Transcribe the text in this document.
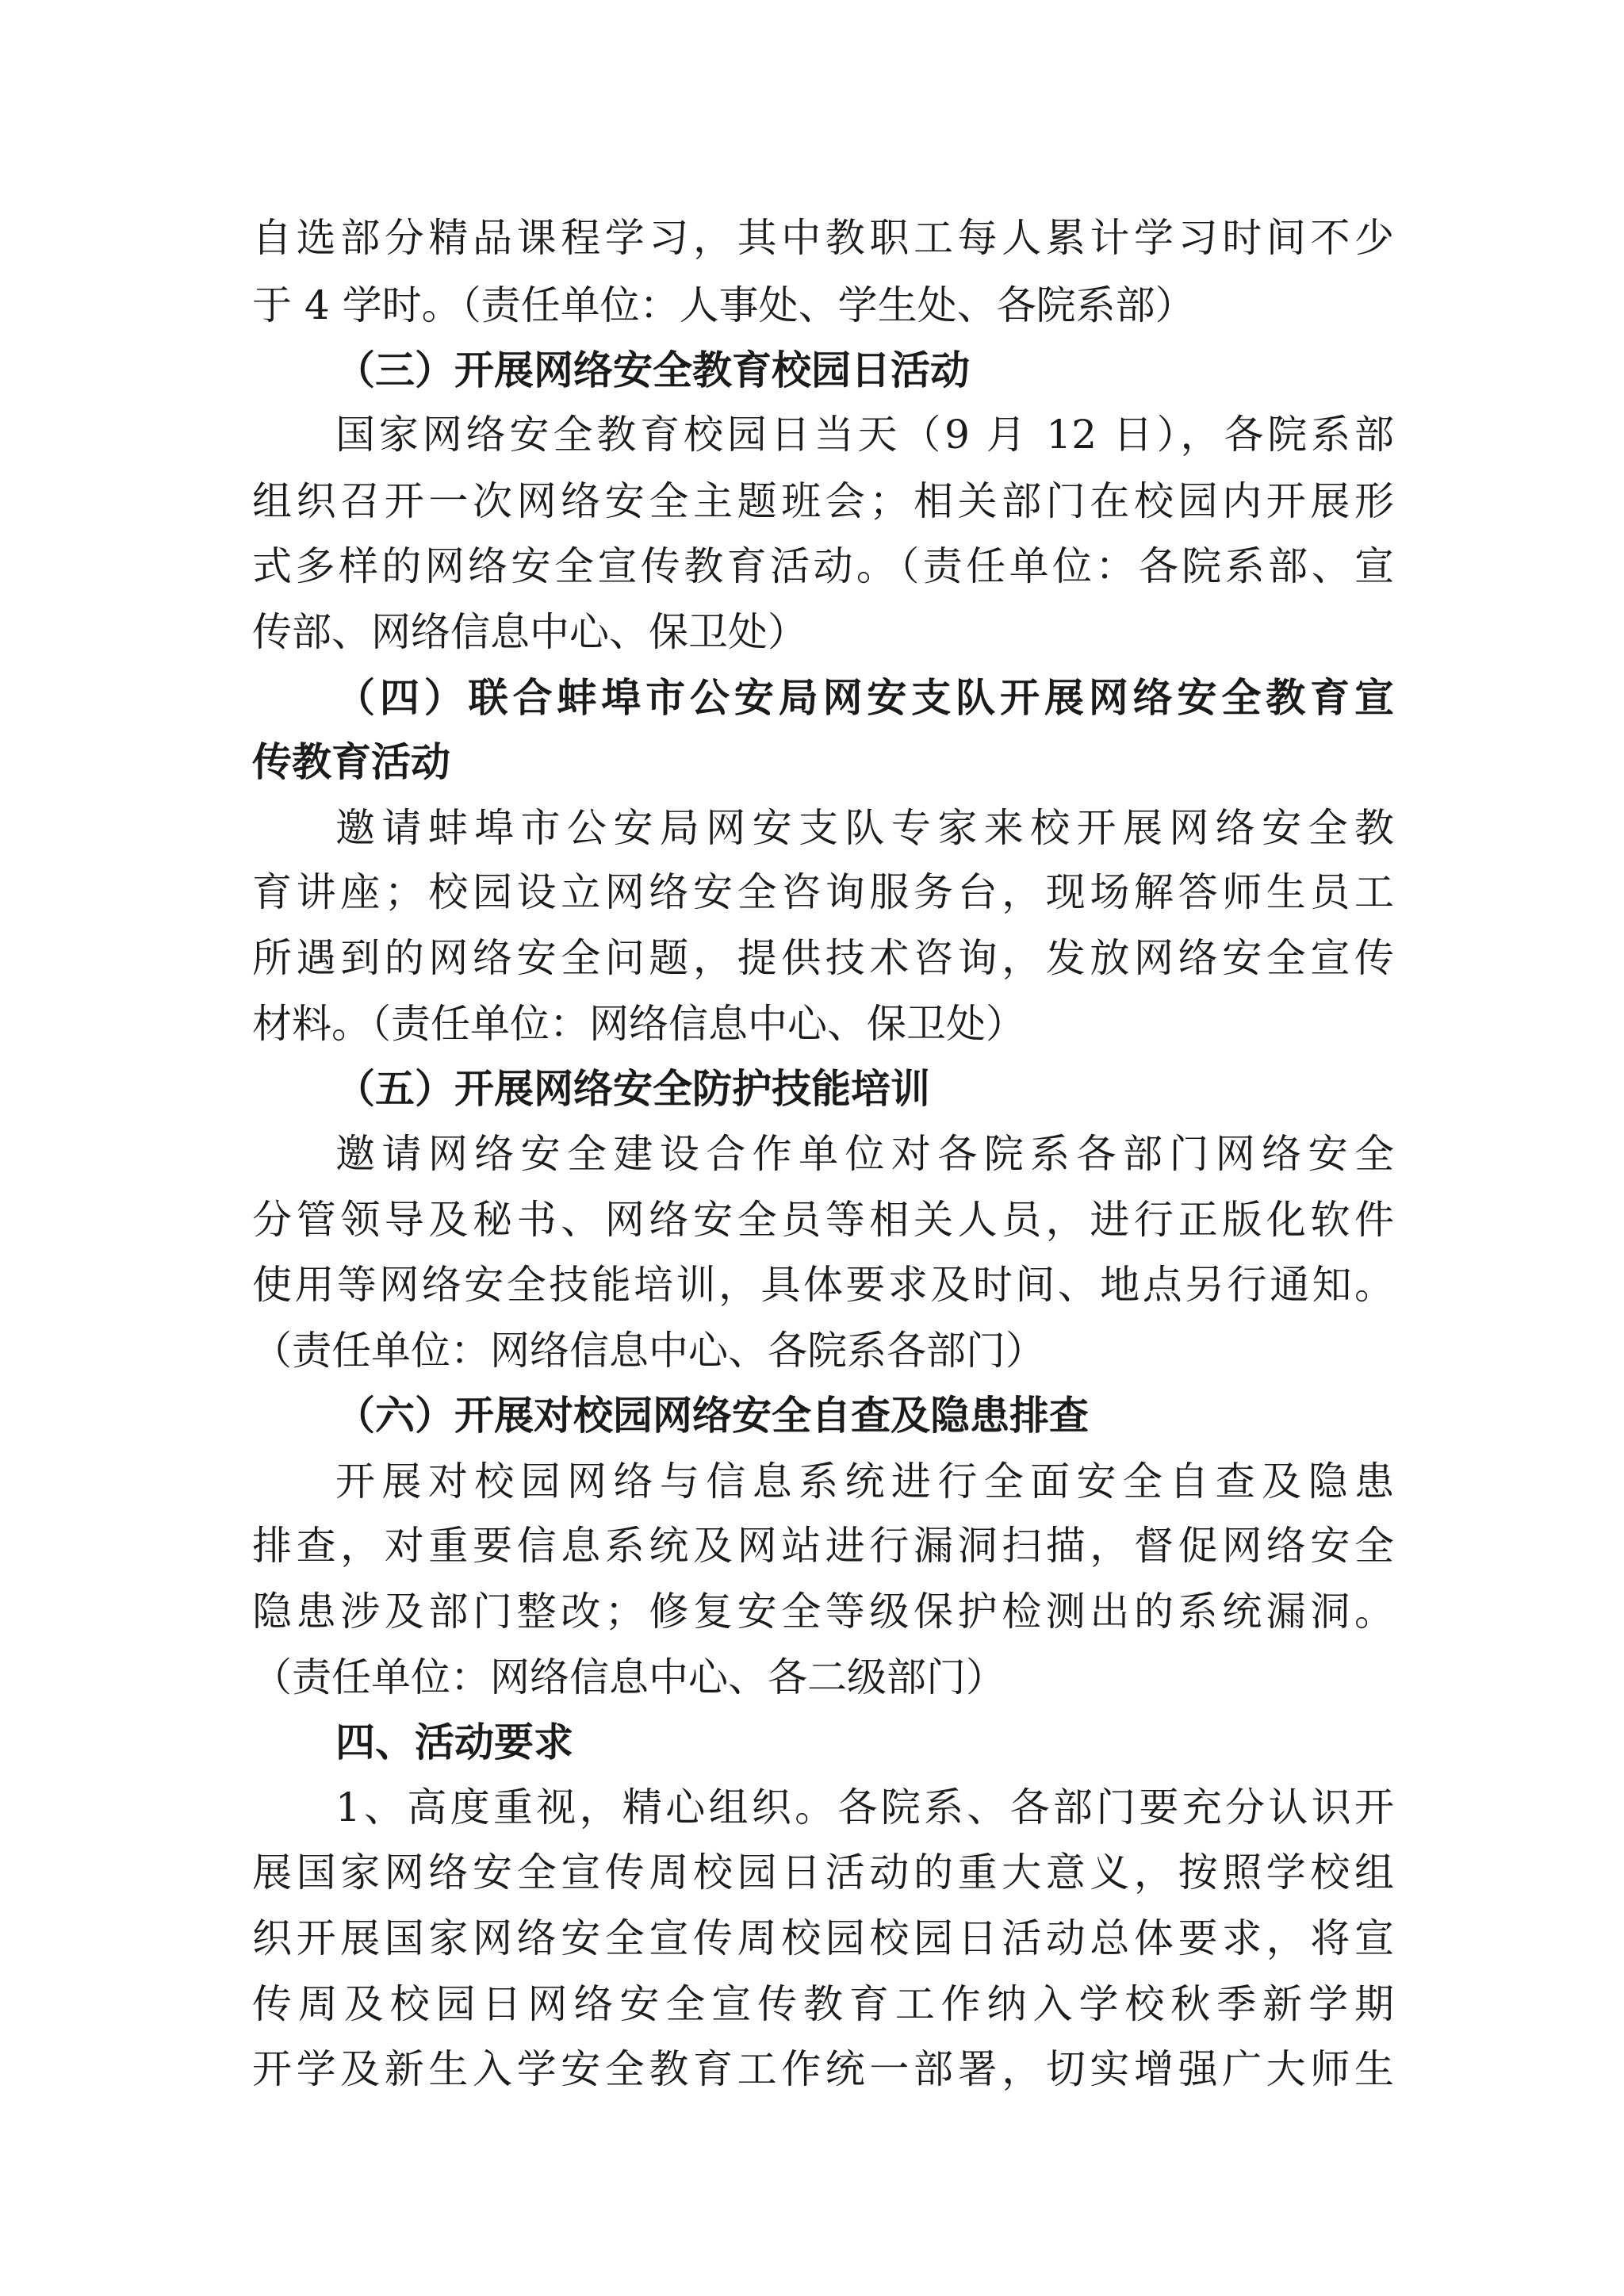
自选部分精品课程学习，其中教职工每人累计学习时间不少
于 4 学时。（责任单位：人事处、学生处、各院系部）
（三）开展网络安全教育校园日活动
国家网络安全教育校园日当天（9 月 12 日），各院系部
组织召开一次网络安全主题班会；相关部门在校园内开展形
式多样的网络安全宣传教育活动。（责任单位：各院系部、宣
传部、网络信息中心、保卫处）
（四）联合蚌埠市公安局网安支队开展网络安全教育宣
传教育活动
邀请蚌埠市公安局网安支队专家来校开展网络安全教
育讲座；校园设立网络安全咨询服务台，现场解答师生员工
所遇到的网络安全问题，提供技术咨询，发放网络安全宣传
材料。（责任单位：网络信息中心、保卫处）
（五）开展网络安全防护技能培训
邀请网络安全建设合作单位对各院系各部门网络安全
分管领导及秘书、网络安全员等相关人员，进行正版化软件
使用等网络安全技能培训，具体要求及时间、地点另行通知。
（责任单位：网络信息中心、各院系各部门）
（六）开展对校园网络安全自查及隐患排查
开展对校园网络与信息系统进行全面安全自查及隐患
排查，对重要信息系统及网站进行漏洞扫描，督促网络安全
隐患涉及部门整改；修复安全等级保护检测出的系统漏洞。
（责任单位：网络信息中心、各二级部门）
四、活动要求
1、高度重视，精心组织。各院系、各部门要充分认识开
展国家网络安全宣传周校园日活动的重大意义，按照学校组
织开展国家网络安全宣传周校园校园日活动总体要求，将宣
传周及校园日网络安全宣传教育工作纳入学校秋季新学期
开学及新生入学安全教育工作统一部署，切实增强广大师生
